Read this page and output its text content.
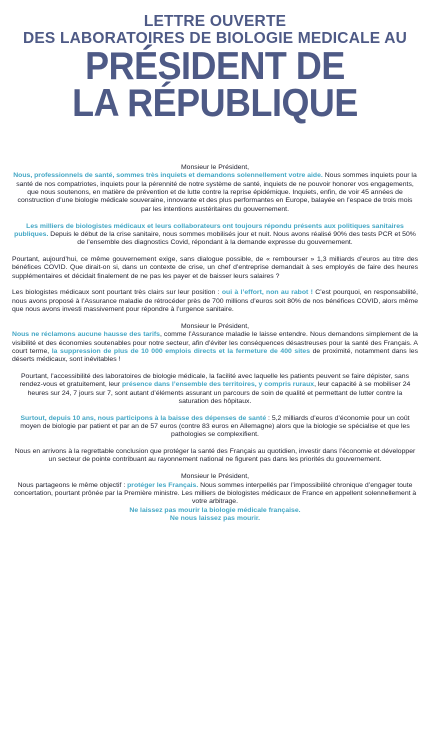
LETTRE OUVERTE
DES LABORATOIRES DE BIOLOGIE MEDICALE AU
PRÉSIDENT DE
LA RÉPUBLIQUE
Monsieur le Président,
Nous, professionnels de santé, sommes très inquiets et demandons solennellement votre aide. Nous sommes inquiets pour la santé de nos compatriotes, inquiets pour la pérennité de notre système de santé, inquiets de ne pouvoir honorer vos engagements, que nous soutenons, en matière de prévention et de lutte contre la reprise épidémique. Inquiets, enfin, de voir 45 années de construction d’une biologie médicale souveraine, innovante et des plus performantes en Europe, balayée en l’espace de trois mois par les intentions austéritaires du gouvernement.
Les milliers de biologistes médicaux et leurs collaborateurs ont toujours répondu présents aux politiques sanitaires publiques. Depuis le début de la crise sanitaire, nous sommes mobilisés jour et nuit. Nous avons réalisé 90% des tests PCR et 50% de l’ensemble des diagnostics Covid, répondant à la demande expresse du gouvernement.
Pourtant, aujourd’hui, ce même gouvernement exige, sans dialogue possible, de « rembourser » 1,3 milliards d’euros au titre des bénéfices COVID. Que dirait-on si, dans un contexte de crise, un chef d’entreprise demandait à ses employés de faire des heures supplémentaires et décidait finalement de ne pas les payer et de baisser leurs salaires ?
Les biologistes médicaux sont pourtant très clairs sur leur position : oui à l’effort, non au rabot ! C’est pourquoi, en responsabilité, nous avons proposé à l’Assurance maladie de rétrocéder près de 700 millions d’euros soit 80% de nos bénéfices COVID, alors même que nous avons investi massivement pour répondre à l’urgence sanitaire.
Monsieur le Président,
Nous ne réclamons aucune hausse des tarifs, comme l’Assurance maladie le laisse entendre. Nous demandons simplement de la visibilité et des économies soutenables pour notre secteur, afin d’éviter les conséquences désastreuses pour la santé des Français. A court terme, la suppression de plus de 10 000 emplois directs et la fermeture de 400 sites de proximité, notamment dans les déserts médicaux, sont inévitables !
Pourtant, l’accessibilité des laboratoires de biologie médicale, la facilité avec laquelle les patients peuvent se faire dépister, sans rendez-vous et gratuitement, leur présence dans l’ensemble des territoires, y compris ruraux, leur capacité à se mobiliser 24 heures sur 24, 7 jours sur 7, sont autant d’éléments assurant un parcours de soin de qualité et permettant de lutter contre la saturation des hôpitaux.
Surtout, depuis 10 ans, nous participons à la baisse des dépenses de santé : 5,2 milliards d’euros d’économie pour un coût moyen de biologie par patient et par an de 57 euros (contre 83 euros en Allemagne) alors que la biologie se spécialise et que les pathologies se complexifient.
Nous en arrivons à la regrettable conclusion que protéger la santé des Français au quotidien, investir dans l’économie et développer un secteur de pointe contribuant au rayonnement national ne figurent pas dans les priorités du gouvernement.
Monsieur le Président,
Nous partageons le même objectif : protéger les Français. Nous sommes interpellés par l’impossibilité chronique d’engager toute concertation, pourtant prônée par la Première ministre. Les milliers de biologistes médicaux de France en appellent solennellement à votre arbitrage.
Ne laissez pas mourir la biologie médicale française.
Ne nous laissez pas mourir.
